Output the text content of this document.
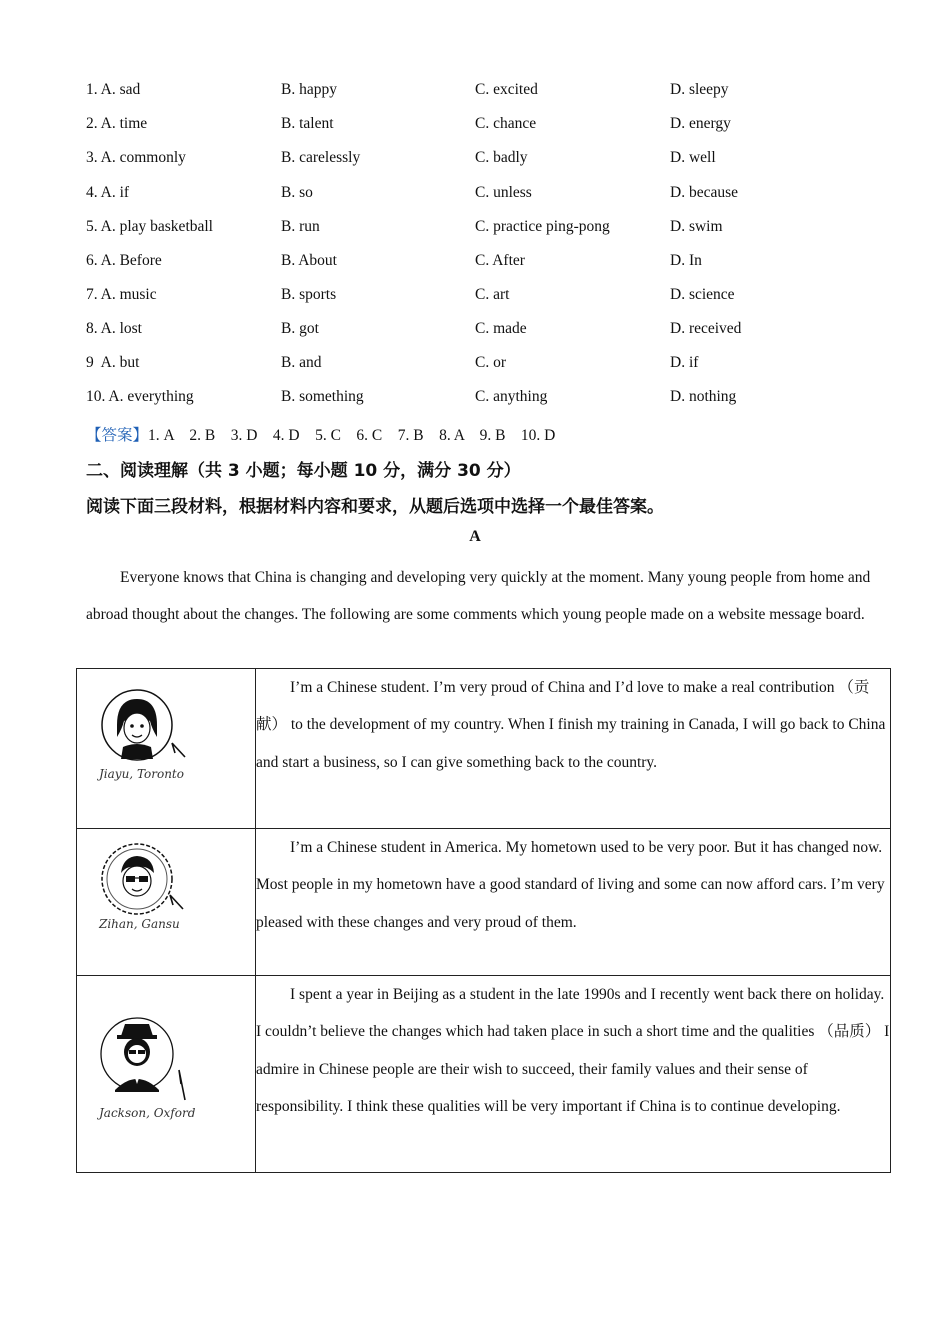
1. A. sad	B. happy	C. excited	D. sleepy
2. A. time	B. talent	C. chance	D. energy
3. A. commonly	B. carelessly	C. badly	D. well
4. A. if	B. so	C. unless	D. because
5. A. play basketball	B. run	C. practice ping-pong	D. swim
6. A. Before	B. About	C. After	D. In
7. A. music	B. sports	C. art	D. science
8. A. lost	B. got	C. made	D. received
9  A. but	B. and	C. or	D. if
10. A. everything	B. something	C. anything	D. nothing
【答案】1. A    2. B    3. D    4. D    5. C    6. C    7. B    8. A    9. B    10. D
二、阅读理解（共 3 小题；每小题 10 分，满分 30 分）
阅读下面三段材料，根据材料内容和要求，从题后选项中选择一个最佳答案。
A

Everyone knows that China is changing and developing very quickly at the moment. Many young people from home and abroad thought about the changes. The following are some comments which young people made on a website message board.

Jiayu, Toronto	I’m a Chinese student. I’m very proud of China and I’d love to make a real contribution （贡献） to the development of my country. When I finish my training in Canada, I will go back to China and start a business, so I can give something back to the country.

Zihan, Gansu	I’m a Chinese student in America. My hometown used to be very poor. But it has changed now. Most people in my hometown have a good standard of living and some can now afford cars. I’m very pleased with these changes and very proud of them.

Jackson, Oxford	I spent a year in Beijing as a student in the late 1990s and I recently went back there on holiday. I couldn’t believe the changes which had taken place in such a short time and the qualities （品质） I admire in Chinese people are their wish to succeed, their family values and their sense of responsibility. I think these qualities will be very important if China is to continue developing.
